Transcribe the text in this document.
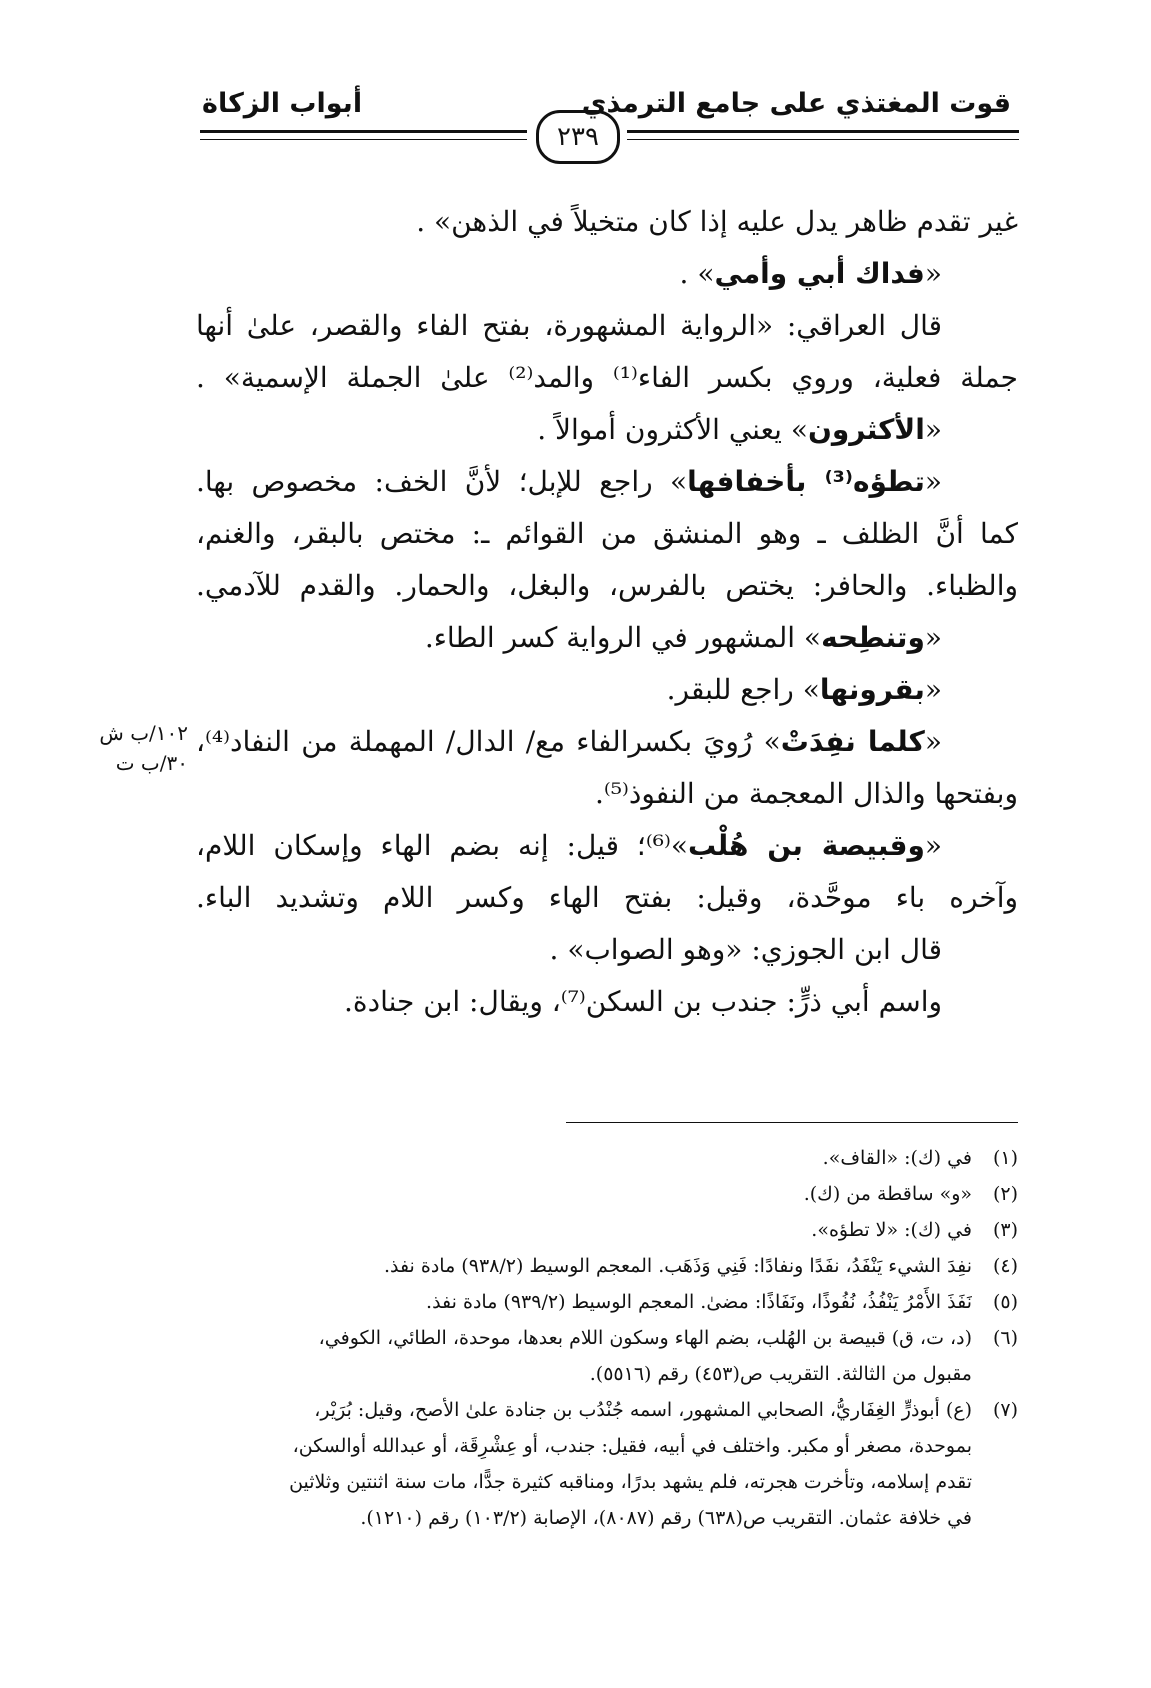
قوت المغتذي على جامع الترمذي
أبواب الزكاة
٢٣٩
غير تقدم ظاهر يدل عليه إذا كان متخيلاً في الذهن» .
«فداك أبي وأمي» .
قال العراقي: «الرواية المشهورة، بفتح الفاء والقصر، علىٰ أنها
جملة فعلية، وروي بكسر الفاء⁽¹⁾ والمد⁽²⁾ علىٰ الجملة الإسمية» .
«الأكثرون» يعني الأكثرون أموالاً .
«تطؤه⁽³⁾ بأخفافها» راجع للإبل؛ لأنَّ الخف: مخصوص بها.
كما أنَّ الظلف ـ وهو المنشق من القوائم ـ: مختص بالبقر، والغنم،
والظباء. والحافر: يختص بالفرس، والبغل، والحمار. والقدم للآدمي.
«وتنطِحه» المشهور في الرواية كسر الطاء.
«بقرونها» راجع للبقر.
«كلما نفِدَتْ» رُويَ بكسرالفاء مع/ الدال/ المهملة من النفاد⁽⁴⁾،
وبفتحها والذال المعجمة من النفوذ⁽⁵⁾.
«وقبيصة بن هُلْب»⁽⁶⁾؛ قيل: إنه بضم الهاء وإسكان اللام،
وآخره باء موحَّدة، وقيل: بفتح الهاء وكسر اللام وتشديد الباء.
قال ابن الجوزي: «وهو الصواب» .
واسم أبي ذرٍّ: جندب بن السكن⁽⁷⁾، ويقال: ابن جنادة.
١٠٢/ب ش
٣٠/ب ت
(١)
في (ك): «القاف».
(٢)
«و» ساقطة من (ك).
(٣)
في (ك): «لا تطؤه».
(٤)
نفِدَ الشيء يَنْفَدُ، نفَدًا ونفادًا: فَنِي وَذَهَب. المعجم الوسيط (٩٣٨/٢) مادة نفذ.
(٥)
نَفَذَ الأَمْرُ يَنْفُذُ، نُفُوذًا، ونَفَاذًا: مضىٰ. المعجم الوسيط (٩٣٩/٢) مادة نفذ.
(٦)
(د، ت، ق) قبيصة بن الهُلب، بضم الهاء وسكون اللام بعدها، موحدة، الطائي، الكوفي،
مقبول من الثالثة. التقريب ص(٤٥٣) رقم (٥٥١٦).
(٧)
(ع) أبوذرٍّ الغِفَاريُّ، الصحابي المشهور، اسمه جُنْدُب بن جنادة علىٰ الأصح، وقيل: بُرَيْر،
بموحدة، مصغر أو مكبر. واختلف في أبيه، فقيل: جندب، أو عِشْرِقَة، أو عبدالله أوالسكن،
تقدم إسلامه، وتأخرت هجرته، فلم يشهد بدرًا، ومناقبه كثيرة جدًّا، مات سنة اثنتين وثلاثين
في خلافة عثمان. التقريب ص(٦٣٨) رقم (٨٠٨٧)، الإصابة (١٠٣/٢) رقم (١٢١٠).
